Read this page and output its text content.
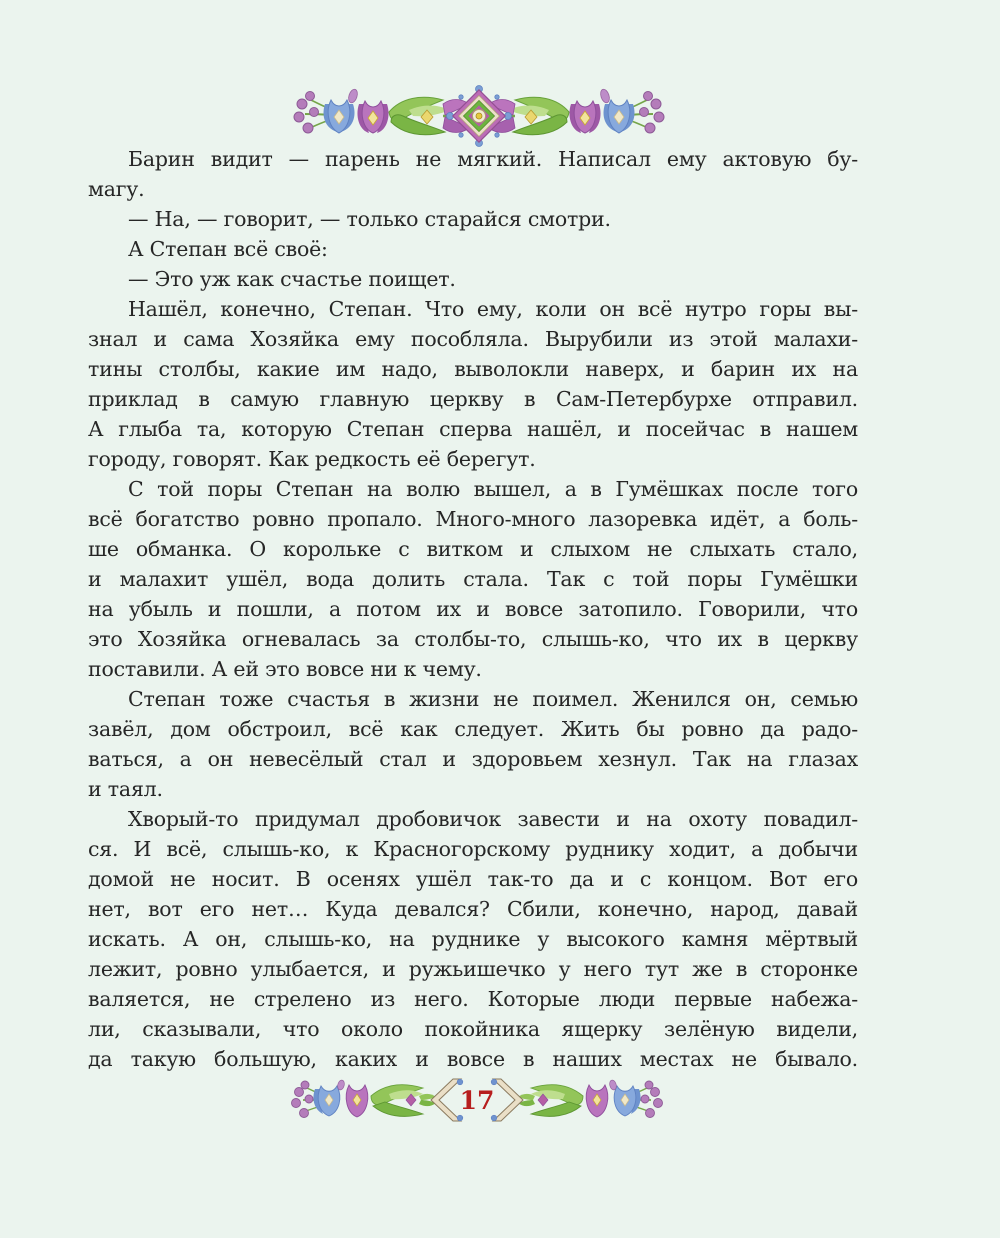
Барин видит — парень не мягкий. Написал ему актовую бу-
магу.
— На, — говорит, — только старайся смотри.
А Степан всё своё:
— Это уж как счастье поищет.
Нашёл, конечно, Степан. Что ему, коли он всё нутро горы вы-
знал и сама Хозяйка ему пособляла. Вырубили из этой малахи-
тины столбы, какие им надо, выволокли наверх, и барин их на
приклад в самую главную церкву в Сам-Петербурхе отправил.
А глыба та, которую Степан сперва нашёл, и посейчас в нашем
городу, говорят. Как редкость её берегут.
С той поры Степан на волю вышел, а в Гумёшках после того
всё богатство ровно пропало. Много-много лазоревка идёт, а боль-
ше обманка. О корольке с витком и слыхом не слыхать стало,
и малахит ушёл, вода долить стала. Так с той поры Гумёшки
на убыль и пошли, а потом их и вовсе затопило. Говорили, что
это Хозяйка огневалась за столбы-то, слышь-ко, что их в церкву
поставили. А ей это вовсе ни к чему.
Степан тоже счастья в жизни не поимел. Женился он, семью
завёл, дом обстроил, всё как следует. Жить бы ровно да радо-
ваться, а он невесёлый стал и здоровьем хезнул. Так на глазах
и таял.
Хворый-то придумал дробовичок завести и на охоту повадил-
ся. И всё, слышь-ко, к Красногорскому руднику ходит, а добычи
домой не носит. В осенях ушёл так-то да и с концом. Вот его
нет, вот его нет… Куда девался? Сбили, конечно, народ, давай
искать. А он, слышь-ко, на руднике у высокого камня мёртвый
лежит, ровно улыбается, и ружьишечко у него тут же в сторонке
валяется, не стрелено из него. Которые люди первые набежа-
ли, сказывали, что около покойника ящерку зелёную видели,
да такую большую, каких и вовсе в наших местах не бывало.
17
